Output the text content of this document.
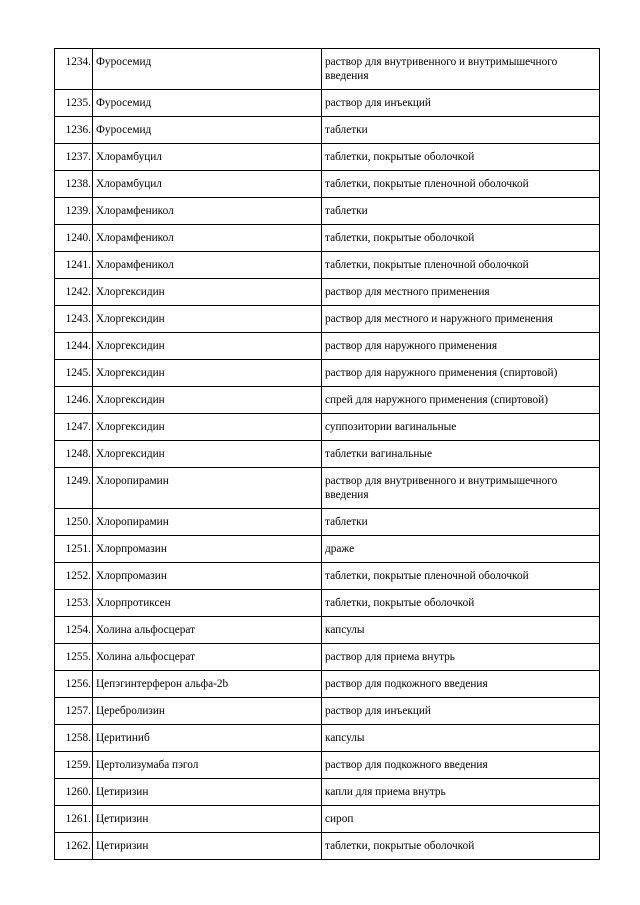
1234.	Фуросемид	раствор для внутривенного и внутримышечного введения
1235.	Фуросемид	раствор для инъекций
1236.	Фуросемид	таблетки
1237.	Хлорамбуцил	таблетки, покрытые оболочкой
1238.	Хлорамбуцил	таблетки, покрытые пленочной оболочкой
1239.	Хлорамфеникол	таблетки
1240.	Хлорамфеникол	таблетки, покрытые оболочкой
1241.	Хлорамфеникол	таблетки, покрытые пленочной оболочкой
1242.	Хлоргексидин	раствор для местного применения
1243.	Хлоргексидин	раствор для местного и наружного применения
1244.	Хлоргексидин	раствор для наружного применения
1245.	Хлоргексидин	раствор для наружного применения (спиртовой)
1246.	Хлоргексидин	спрей для наружного применения (спиртовой)
1247.	Хлоргексидин	суппозитории вагинальные
1248.	Хлоргексидин	таблетки вагинальные
1249.	Хлоропирамин	раствор для внутривенного и внутримышечного введения
1250.	Хлоропирамин	таблетки
1251.	Хлорпромазин	драже
1252.	Хлорпромазин	таблетки, покрытые пленочной оболочкой
1253.	Хлорпротиксен	таблетки, покрытые оболочкой
1254.	Холина альфосцерат	капсулы
1255.	Холина альфосцерат	раствор для приема внутрь
1256.	Цепэгинтерферон альфа-2b	раствор для подкожного введения
1257.	Церебролизин	раствор для инъекций
1258.	Церитиниб	капсулы
1259.	Цертолизумаба пэгол	раствор для подкожного введения
1260.	Цетиризин	капли для приема внутрь
1261.	Цетиризин	сироп
1262.	Цетиризин	таблетки, покрытые оболочкой
